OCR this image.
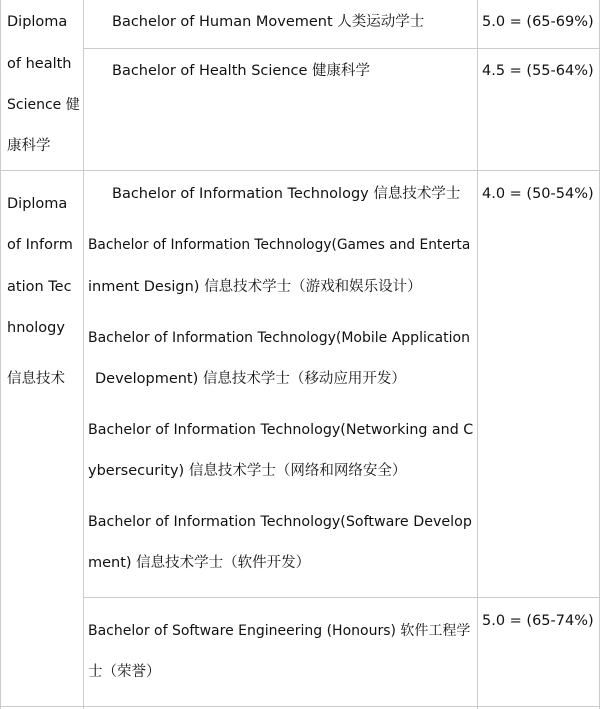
Diploma
of health
Science 健
康科学
Bachelor of Human Movement 人类运动学士	5.0 = (65-69%)
Bachelor of Health Science 健康科学	4.5 = (55-64%)
Diploma
of Inform
ation Tec
hnology
信息技术
Bachelor of Information Technology 信息技术学士 4.0 = (50-54%)
Bachelor of Information Technology(Games and Enterta
inment Design) 信息技术学士（游戏和娱乐设计）
Bachelor of Information Technology(Mobile Application
Development) 信息技术学士（移动应用开发）
Bachelor of Information Technology(Networking and C
ybersecurity) 信息技术学士（网络和网络安全）
Bachelor of Information Technology(Software Develop
ment) 信息技术学士（软件开发）
Bachelor of Software Engineering (Honours) 软件工程学
士（荣誉）
5.0 = (65-74%)
